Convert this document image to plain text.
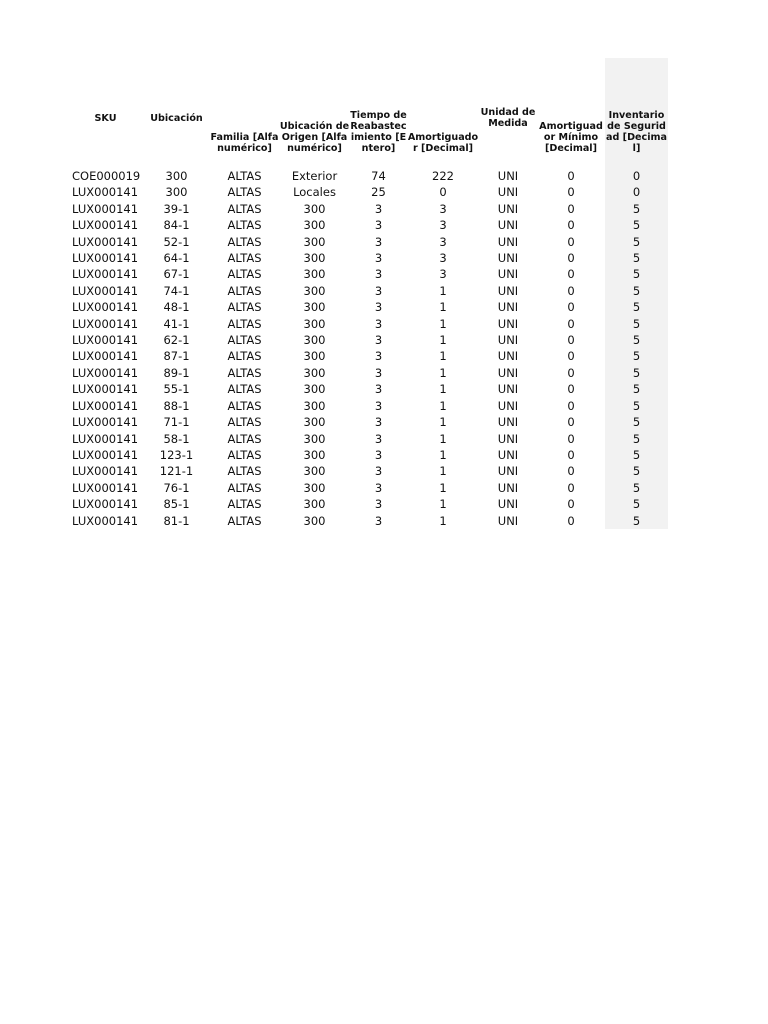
SKU	Ubicación	Familia [Alfanumérico]	Ubicación de Origen [Alfanumérico]	Tiempo de Reabastecimiento [Entero]	Amortiguador [Decimal]	Unidad de Medida	Amortiguador Mínimo [Decimal]	Inventario de Seguridad [Decimal]

COE000019	300	ALTAS	Exterior	74	222	UNI	0	0
LUX000141	300	ALTAS	Locales	25	0	UNI	0	0
LUX000141	39-1	ALTAS	300	3	3	UNI	0	5
LUX000141	84-1	ALTAS	300	3	3	UNI	0	5
LUX000141	52-1	ALTAS	300	3	3	UNI	0	5
LUX000141	64-1	ALTAS	300	3	3	UNI	0	5
LUX000141	67-1	ALTAS	300	3	3	UNI	0	5
LUX000141	74-1	ALTAS	300	3	1	UNI	0	5
LUX000141	48-1	ALTAS	300	3	1	UNI	0	5
LUX000141	41-1	ALTAS	300	3	1	UNI	0	5
LUX000141	62-1	ALTAS	300	3	1	UNI	0	5
LUX000141	87-1	ALTAS	300	3	1	UNI	0	5
LUX000141	89-1	ALTAS	300	3	1	UNI	0	5
LUX000141	55-1	ALTAS	300	3	1	UNI	0	5
LUX000141	88-1	ALTAS	300	3	1	UNI	0	5
LUX000141	71-1	ALTAS	300	3	1	UNI	0	5
LUX000141	58-1	ALTAS	300	3	1	UNI	0	5
LUX000141	123-1	ALTAS	300	3	1	UNI	0	5
LUX000141	121-1	ALTAS	300	3	1	UNI	0	5
LUX000141	76-1	ALTAS	300	3	1	UNI	0	5
LUX000141	85-1	ALTAS	300	3	1	UNI	0	5
LUX000141	81-1	ALTAS	300	3	1	UNI	0	5
